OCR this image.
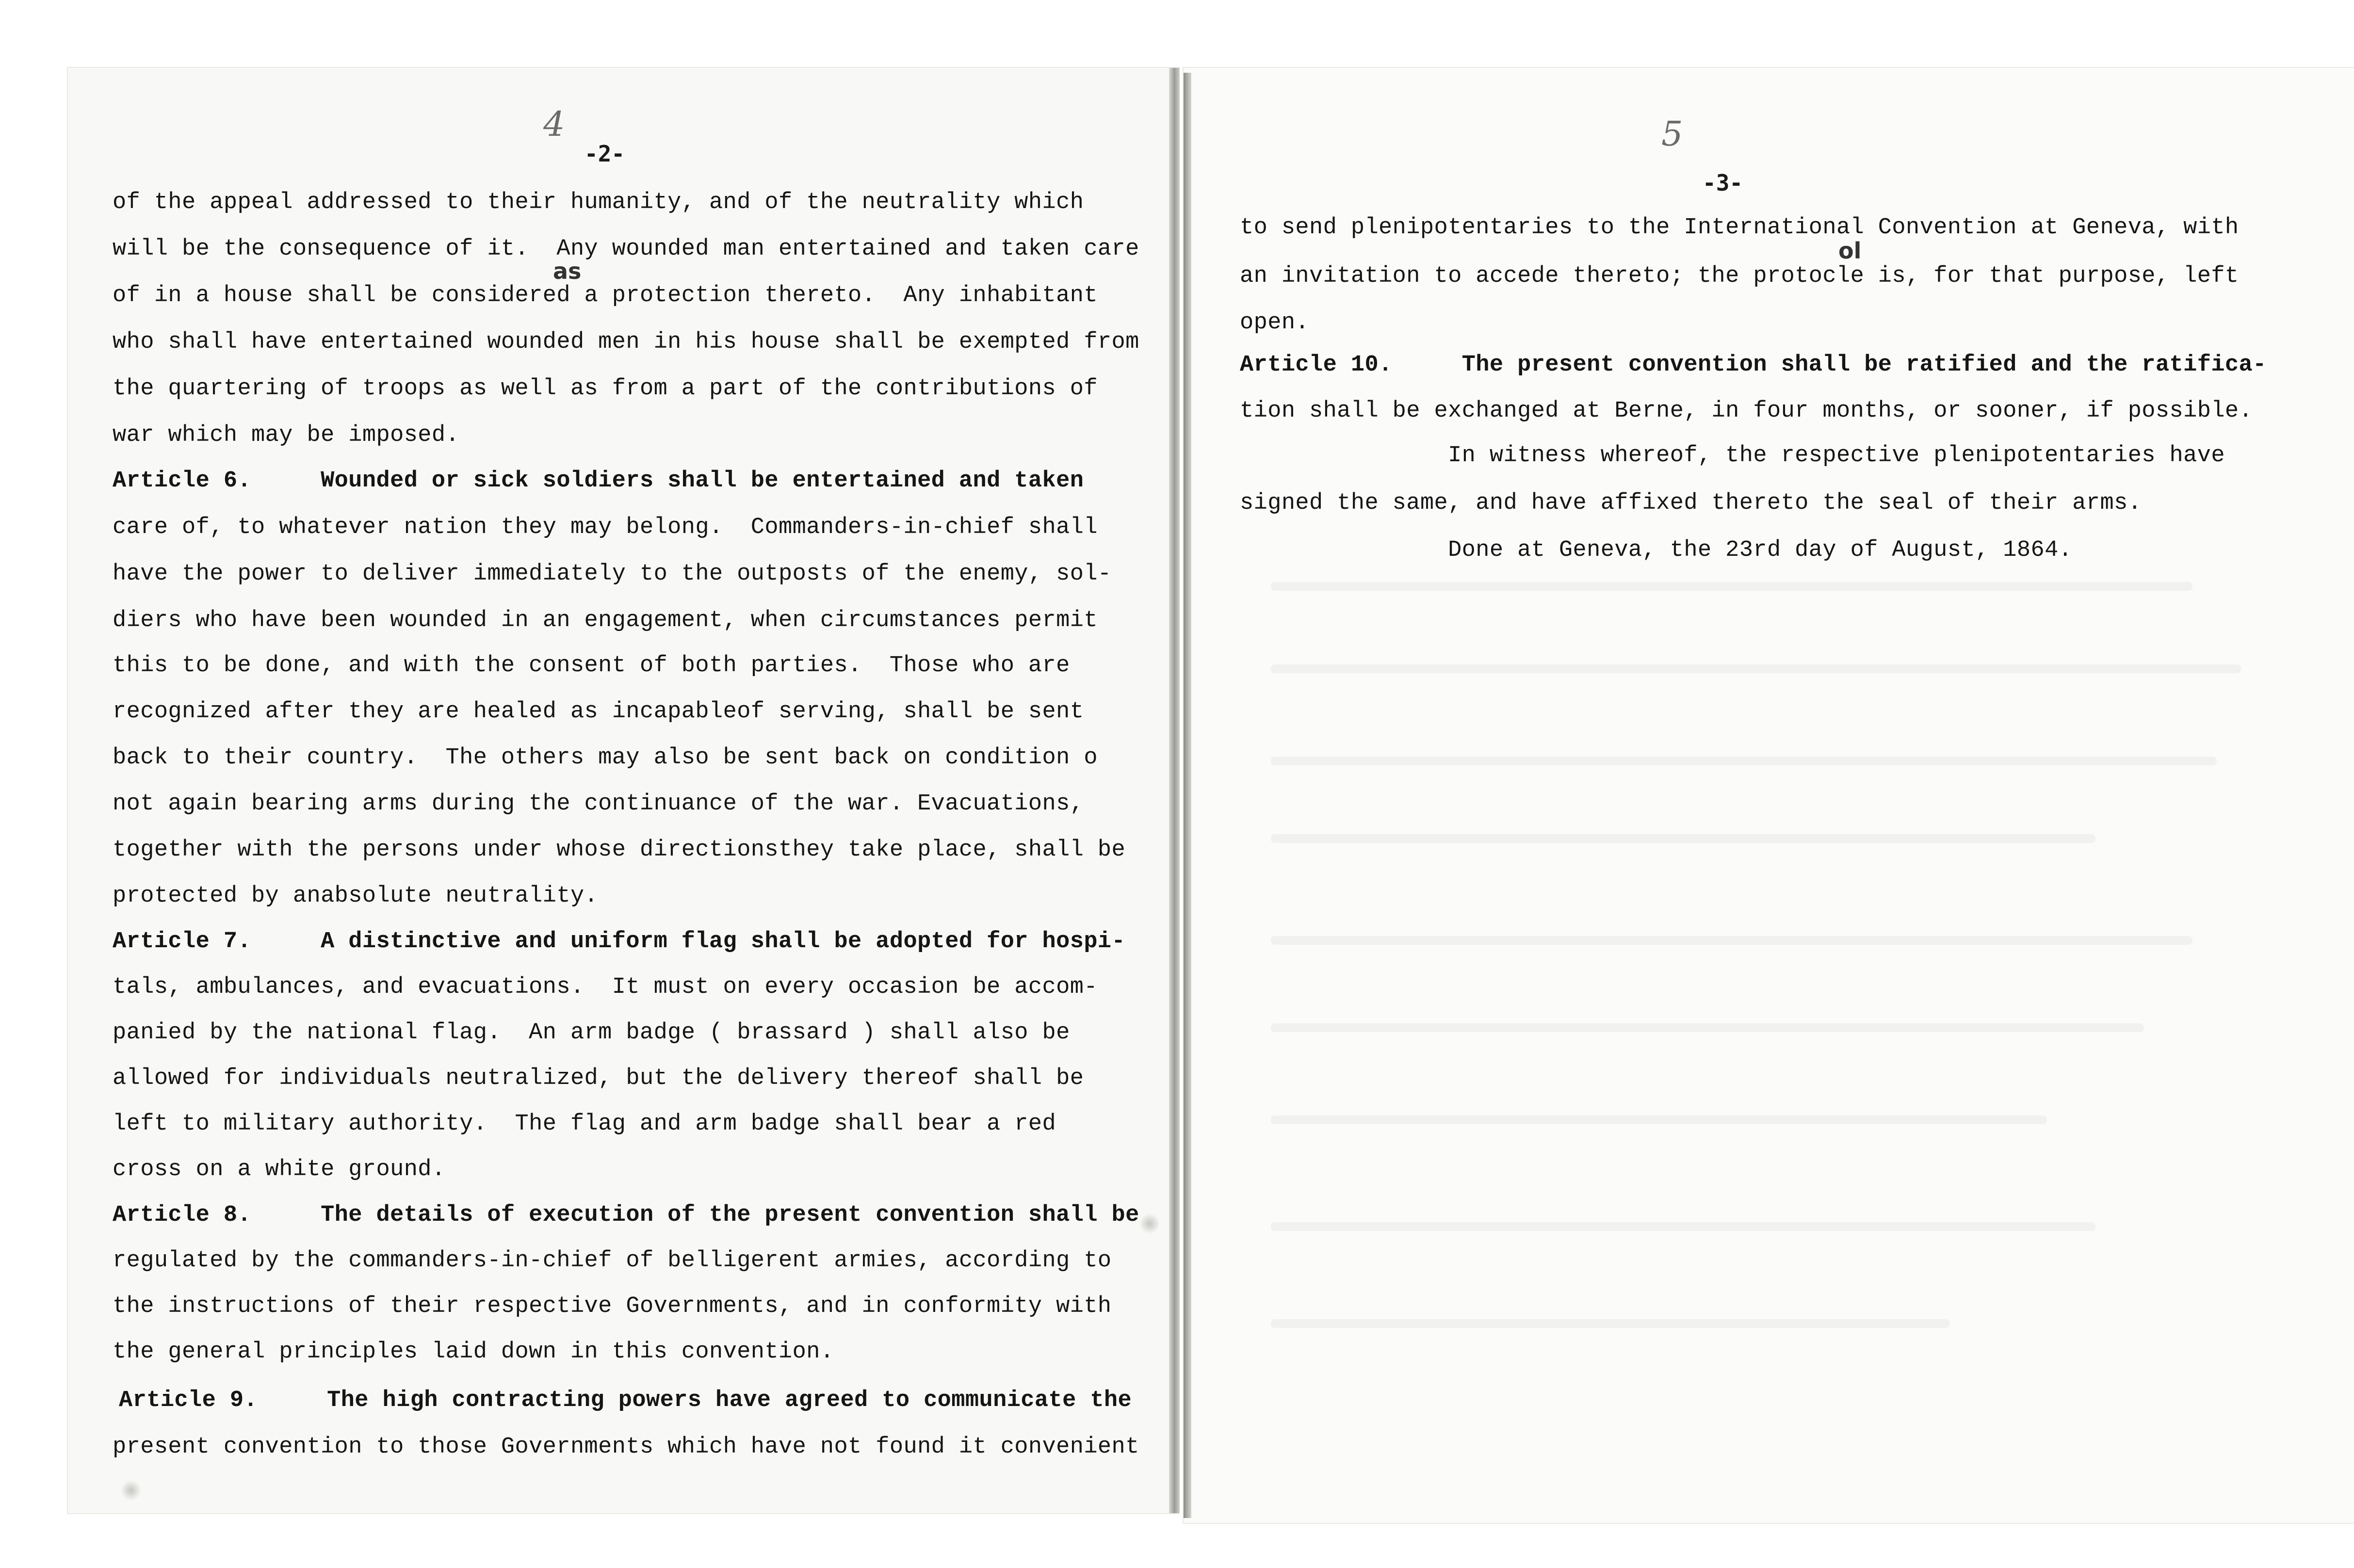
4
-2-
of the appeal addressed to their humanity, and of the neutrality which
will be the consequence of it.  Any wounded man entertained and taken care
as
of in a house shall be considered a protection thereto.  Any inhabitant
who shall have entertained wounded men in his house shall be exempted from
the quartering of troops as well as from a part of the contributions of
war which may be imposed.
Article 6.     Wounded or sick soldiers shall be entertained and taken
care of, to whatever nation they may belong.  Commanders-in-chief shall
have the power to deliver immediately to the outposts of the enemy, sol-
diers who have been wounded in an engagement, when circumstances permit
this to be done, and with the consent of both parties.  Those who are
recognized after they are healed as incapableof serving, shall be sent
back to their country.  The others may also be sent back on condition o
not again bearing arms during the continuance of the war. Evacuations,
together with the persons under whose directionsthey take place, shall be
protected by anabsolute neutrality.
Article 7.     A distinctive and uniform flag shall be adopted for hospi-
tals, ambulances, and evacuations.  It must on every occasion be accom-
panied by the national flag.  An arm badge ( brassard ) shall also be
allowed for individuals neutralized, but the delivery thereof shall be
left to military authority.  The flag and arm badge shall bear a red
cross on a white ground.
Article 8.     The details of execution of the present convention shall be
regulated by the commanders-in-chief of belligerent armies, according to
the instructions of their respective Governments, and in conformity with
the general principles laid down in this convention.
Article 9.     The high contracting powers have agreed to communicate the
present convention to those Governments which have not found it convenient
5
-3-
to send plenipotentaries to the International Convention at Geneva, with
ol
an invitation to accede thereto; the protocle is, for that purpose, left
open.
Article 10.     The present convention shall be ratified and the ratifica-
tion shall be exchanged at Berne, in four months, or sooner, if possible.
In witness whereof, the respective plenipotentaries have
signed the same, and have affixed thereto the seal of their arms.
Done at Geneva, the 23rd day of August, 1864.
